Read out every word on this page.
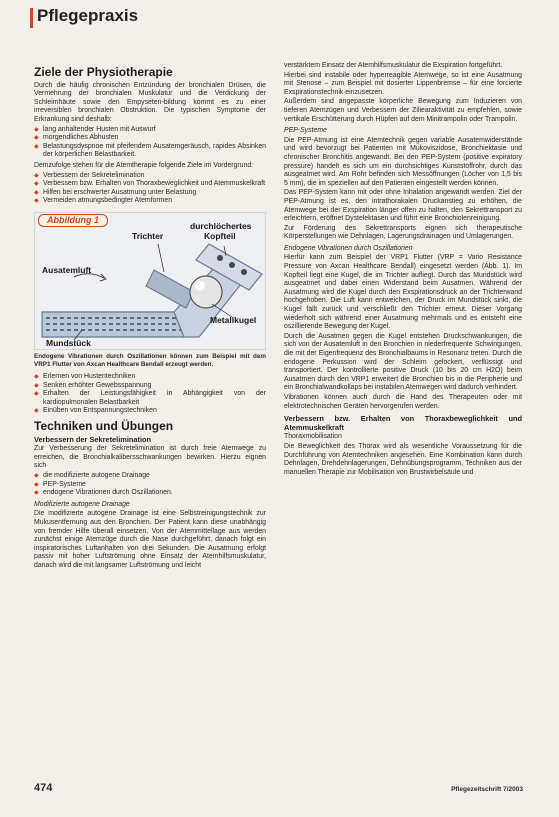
Pflegepraxis
Ziele der Physiotherapie

Durch die häufig chronischen Entzündung der bronchialen Drüsen, die Vermehrung der bronchialen Muskulatur und die Verdickung der Schleimhäute sowie den Empyseten-bildung kommt es zu einer irreversiblen bronchialen Obstruktion. Die typischen Symptome der Erkrankung sind deshalb:

◆ lang anhaltender Husten mit Auswurf
◆ morgendliches Abhusten
◆ Belastungsdyspnoe mit pfeifendem Ausatemgeräusch, rapides Absinken der körperlichen Belastbarkeit.

Demzufolge stehen für die Atemtherapie folgende Ziele im Vordergrund:

◆ Verbessern der Sekretelimination
◆ Verbessern bzw. Erhalten von Thoraxbeweglichkeit und Atemmuskelkraft
◆ Hilfen bei erschwerter Ausatmung unter Belastung
◆ Vermeiden atmungsbedingter Atemformen
Abbildung 1
Trichter
durchlöchertes
Kopfteil
Ausatemluft
Metallkugel
Mundstück
Endogene Vibrationen durch Oszillationen können zum Beispiel mit dem VRP1 Flutter von Axcan Healthcare Bendall erzeugt werden.
◆ Erlernen von Hustentechniken
◆ Senken erhöhter Gewebsspannung
◆ Erhalten der Leistungsfähigkeit in Abhängigkeit von der kardiopulmonalen Belastbarkeit
◆ Einüben von Entspannungstechniken
Techniken und Übungen
Verbessern der Sekretelimination

Zur Verbesserung der Sekretelimination ist durch freie Atemwege zu erreichen, die Bronchialkalibersschwankungen bewirken. Hierzu eignen sich

◆ die modifizierte autogene Drainage
◆ PEP-Systeme
◆ endogene Vibrationen durch Oszillationen.
Modifizierte autogene Drainage

Die modifizierte autogene Drainage ist eine Selbstreinigungstechnik zur Mukusentfernung aus den Bronchien. Der Patient kann diese unabhängig von fremder Hilfe überall einsetzen. Von der Atemmittellage aus werden zunächst einige Atemzüge durch die Nase durchgeführt, danach folgt ein inspiratorisches Luftanhalten von drei Sekunden. Die Ausatmung erfolgt passiv mit hoher Luftströmung ohne Einsatz der Atemhilfsmuskulatur, danach wird die mit langsamer Luftströmung und leicht

verstärktem Einsatz der Atemhilfsmuskulatur die Exspiration fortgeführt.

Hierbei sind instabile oder hyperreagible Atemwege, so ist eine Ausatmung mit Stenose – zum Beispiel mit dosierter Lippenbremse – für eine forcierte Exspirationstechnik einzusetzen.

Außerdem sind angepasste körperliche Bewegung zum Induzieren von tieferen Atemzügen und Verbessern der Ziliearaktivität zu empfehlen, sowie vertikale Erschütterung durch Hüpfen auf dem Minitrampolin oder Trampolin.

PEP-Systeme

Die PEP-Atmung ist eine Atemtechnik gegen variable Ausatemwiderstände und wird bevorzugt bei Patienten mit Mukoviszidose, Bronchiektasie und chronischer Bronchitis angewandt. Bei den PEP-System (positive expiratory pressure) handelt es sich um ein durchsichtiges Kunststoffrohr, durch das ausgeatmet wird. Am Rohr befinden sich Messöffnungen (Löcher von 1,5 bis 5 mm), die im speziellen auf den Patienten eingestellt werden können.

Das PEP-System kann mit oder ohne Inhalation angewandt werden. Ziel der PEP-Atmung ist es, den intrathorakalen Druckanstieg zu erhöhen, die Atemwege bei der Exspiration länger offen zu halten, den Sekrettransport zu erleichtern, eröffnet Dystelektasen und führt eine Bronchiolenreinigung.

Zur Förderung des Sekrettransports eignen sich therapeutische Körperstellungen wie Dehnlagen, Lagerungsdrainagen und Umlagerungen.

Endogene Vibrationen durch Oszillationen

Hierfür kann zum Beispiel der VRP1 Flutter (VRP = Vario Resistance Pressure von Axcan Healthcare Bendall) eingesetzt werden (Abb. 1). Im Kopfteil liegt eine Kugel, die im Trichter aufliegt. Durch das Mundstück wird ausgeatmet und dabei einen Widerstand beim Ausatmen. Während der Ausatmung wird die Kugel durch den Exspirationsdruck an der Trichterwand hochgehoben. Die Luft kann entweichen, der Druck im Mundstück sinkt, die Kugel fällt zurück und verschließt den Trichter erneut. Dieser Vorgang wiederholt sich während einer Ausatmung mehrmals und es entsteht eine oszillierende Bewegung der Kugel.

Durch die Ausatmen gegen die Kugel entstehen Druckschwankungen, die sich von der Ausatemluft in den Bronchien in niederfrequente Schwingungen, die mit der Eigenfrequenz des Bronchialbaums in Resonanz treten. Durch die endogene Perkussion wird der Schleim gelockert, verflüssigt und transportiert. Der kontrollierte positive Druck (10 bis 20 cm H2O) beim Ausatmen durch den VRP1 erweitert die Bronchien bis in die Peripherie und ein Bronchialwandkollaps bei instabilen Atemwegen wird dadurch verhindert.

Vibrationen können auch durch die Hand des Therapeuten oder mit elektrotechnischen Geräten hervorgerufen werden.

Verbessern bzw. Erhalten von Thoraxbeweglichkeit und Atemmuskelkraft
Thoraxmobilisation

Die Beweglichkeit des Thorax wird als wesentliche Voraussetzung für die Durchführung von Atemtechniken angesehen. Eine Kombination kann durch Dehnlagen, Drehdehnlagerungen, Dehnübungsprogramm, Techniken aus der manuellen Therapie zur Mobilisation von Brustwirbelsäule und

474	Pflegezeitschrift 7/2003
